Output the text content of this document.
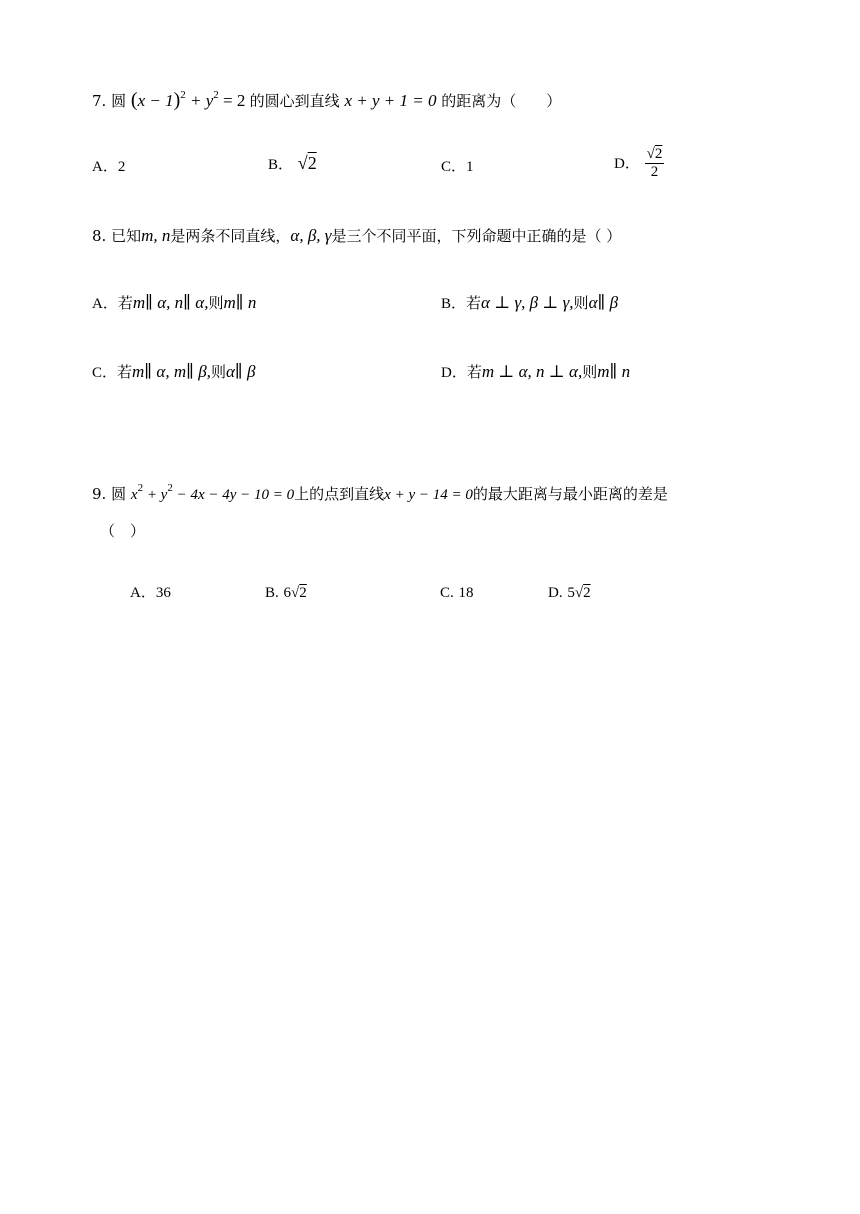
7. 圆 $(x - 1)^2 + y^2 = 2$ 的圆心到直线 x + y + 1 = 0 的距离为（　　）
A．2	B． √2	C．1	D． $\frac{√2}{2}$
8. 已知m, n是两条不同直线，α, β, γ是三个不同平面，下列命题中正确的是（ ）
A．若m∥ α, n∥ α,则m∥ n	B．若α ⊥ γ, β ⊥ γ,则α∥ β
C．若m∥ α, m∥ β,则α∥ β	D．若m ⊥ α, n ⊥ α,则m∥ n
9. 圆 $x^2 + y^2 - 4x - 4y - 10 = 0$上的点到直线x + y − 14 = 0的最大距离与最小距离的差是
（　）
A．36	B. 6√2	C. 18	D. 5√2
